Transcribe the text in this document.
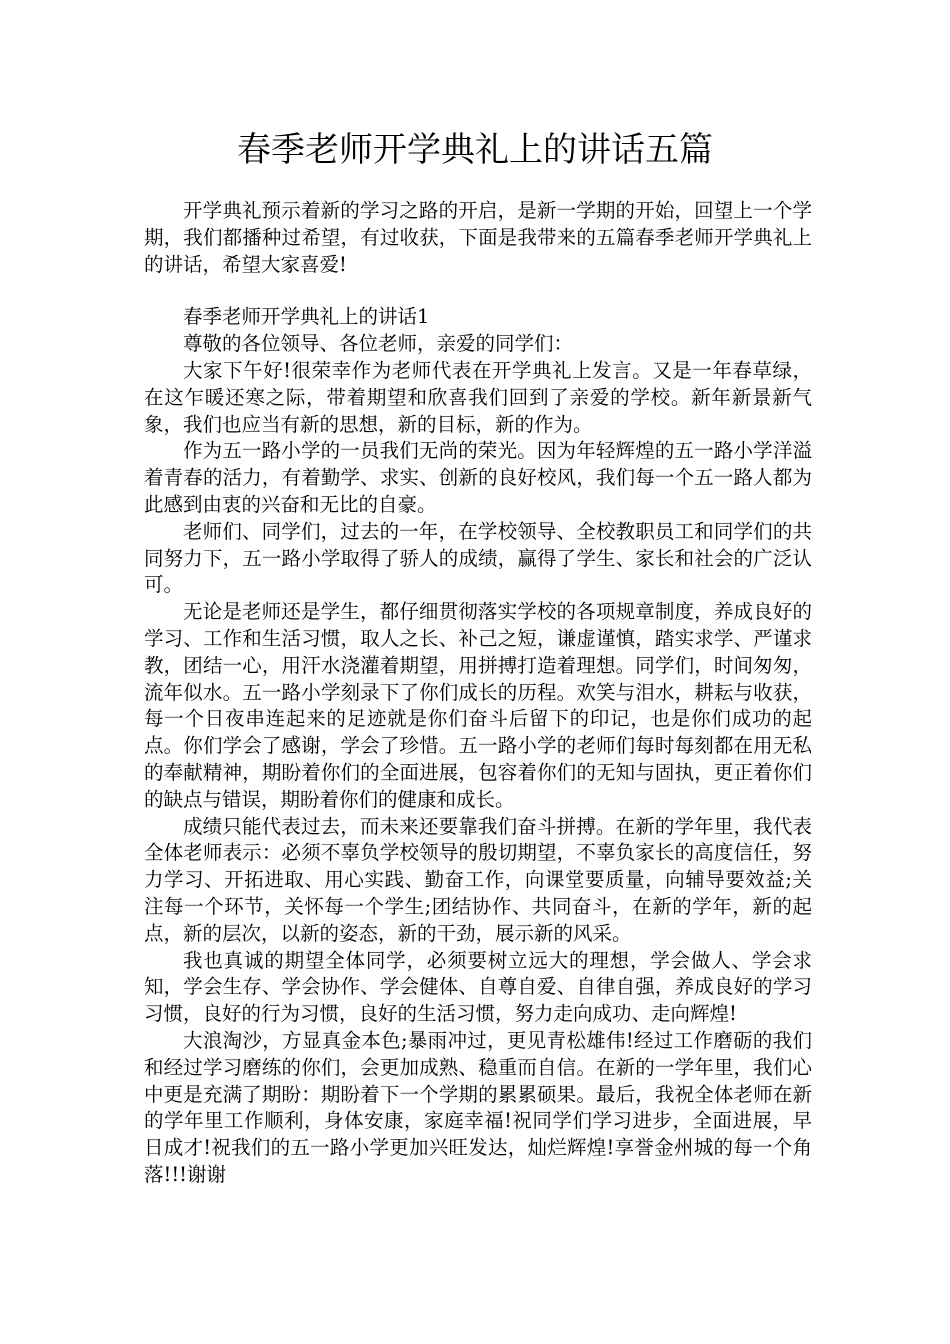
春季老师开学典礼上的讲话五篇

开学典礼预示着新的学习之路的开启，是新一学期的开始，回望上一个学期，我们都播种过希望，有过收获，下面是我带来的五篇春季老师开学典礼上的讲话，希望大家喜爱!

春季老师开学典礼上的讲话1

尊敬的各位领导、各位老师，亲爱的同学们：

大家下午好!很荣幸作为老师代表在开学典礼上发言。又是一年春草绿，在这乍暖还寒之际，带着期望和欣喜我们回到了亲爱的学校。新年新景新气象，我们也应当有新的思想，新的目标，新的作为。

作为五一路小学的一员我们无尚的荣光。因为年轻辉煌的五一路小学洋溢着青春的活力，有着勤学、求实、创新的良好校风，我们每一个五一路人都为此感到由衷的兴奋和无比的自豪。

老师们、同学们，过去的一年，在学校领导、全校教职员工和同学们的共同努力下，五一路小学取得了骄人的成绩，赢得了学生、家长和社会的广泛认可。

无论是老师还是学生，都仔细贯彻落实学校的各项规章制度，养成良好的学习、工作和生活习惯，取人之长、补己之短，谦虚谨慎，踏实求学、严谨求教，团结一心，用汗水浇灌着期望，用拼搏打造着理想。同学们，时间匆匆，流年似水。五一路小学刻录下了你们成长的历程。欢笑与泪水，耕耘与收获，每一个日夜串连起来的足迹就是你们奋斗后留下的印记，也是你们成功的起点。你们学会了感谢，学会了珍惜。五一路小学的老师们每时每刻都在用无私的奉献精神，期盼着你们的全面进展，包容着你们的无知与固执，更正着你们的缺点与错误，期盼着你们的健康和成长。

成绩只能代表过去，而未来还要靠我们奋斗拼搏。在新的学年里，我代表全体老师表示：必须不辜负学校领导的殷切期望，不辜负家长的高度信任，努力学习、开拓进取、用心实践、勤奋工作，向课堂要质量，向辅导要效益;关注每一个环节，关怀每一个学生;团结协作、共同奋斗，在新的学年，新的起点，新的层次，以新的姿态，新的干劲，展示新的风采。

我也真诚的期望全体同学，必须要树立远大的理想，学会做人、学会求知，学会生存、学会协作、学会健体、自尊自爱、自律自强，养成良好的学习习惯，良好的行为习惯，良好的生活习惯，努力走向成功、走向辉煌!

大浪淘沙，方显真金本色;暴雨冲过，更见青松雄伟!经过工作磨砺的我们和经过学习磨练的你们，会更加成熟、稳重而自信。在新的一学年里，我们心中更是充满了期盼：期盼着下一个学期的累累硕果。最后，我祝全体老师在新的学年里工作顺利，身体安康，家庭幸福!祝同学们学习进步，全面进展，早日成才!祝我们的五一路小学更加兴旺发达，灿烂辉煌!享誉金州城的每一个角落!!!谢谢
